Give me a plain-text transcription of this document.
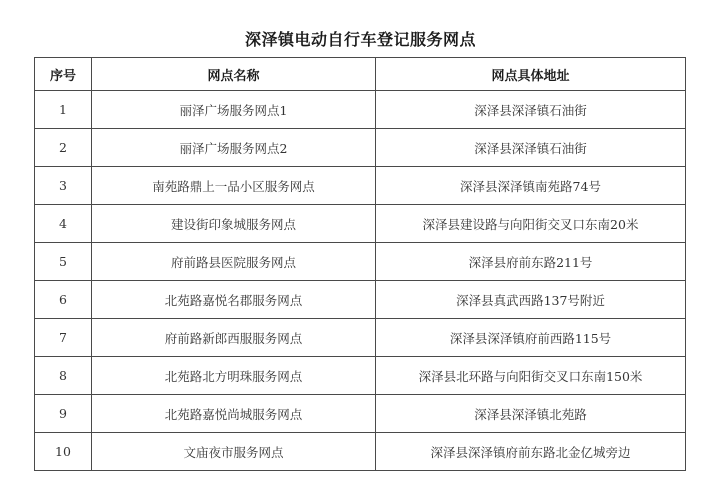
深泽镇电动自行车登记服务网点
序号	网点名称	网点具体地址
1	丽泽广场服务网点1	深泽县深泽镇石油街
2	丽泽广场服务网点2	深泽县深泽镇石油街
3	南苑路鼎上一品小区服务网点	深泽县深泽镇南苑路74号
4	建设街印象城服务网点	深泽县建设路与向阳街交叉口东南20米
5	府前路县医院服务网点	深泽县府前东路211号
6	北苑路嘉悦名郡服务网点	深泽县真武西路137号附近
7	府前路新郎西服服务网点	深泽县深泽镇府前西路115号
8	北苑路北方明珠服务网点	深泽县北环路与向阳街交叉口东南150米
9	北苑路嘉悦尚城服务网点	深泽县深泽镇北苑路
10	文庙夜市服务网点	深泽县深泽镇府前东路北金亿城旁边
